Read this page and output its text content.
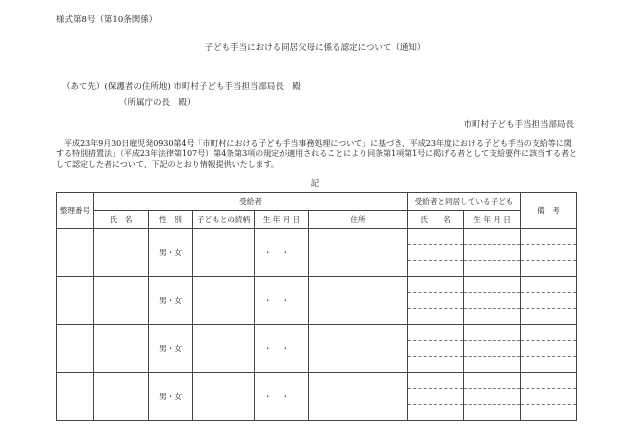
様式第8号（第10条関係）
子ども手当における同居父母に係る認定について（通知）
（あて先）(保護者の住所地) 市町村子ども手当担当部局長　殿
（所属庁の長　殿）
市町村子ども手当担当部局長
平成23年9月30日雇児発0930第4号「市町村における子ども手当事務処理について」に基づき、平成23年度における子ども手当の支給等に関する特別措置法」（平成23年法律第107号）第4条第3項の規定が適用されることにより同条第1項第1号に掲げる者として支給要件に該当する者として認定した者について、下記のとおり情報提供いたします。
記
整理番号	受給者	受給者と同居している子ども	備　考
氏　名	性　別	子どもとの続柄	生 年 月 日	住所	氏　　名	生 年 月 日
		男・女		・・		

		男・女		・・		

		男・女		・・		

		男・女		・・		
